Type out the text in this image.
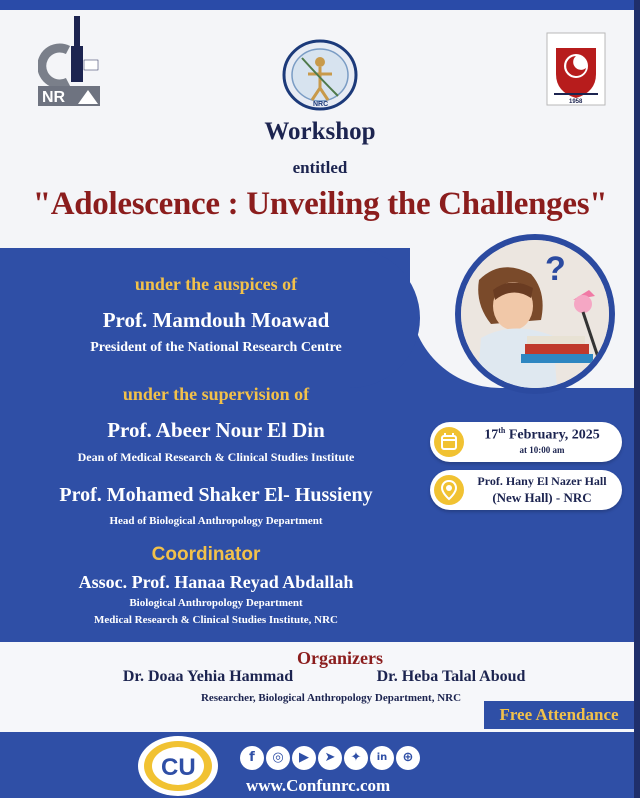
NR	NRC	1958
Workshop
entitled
"Adolescence : Unveiling the Challenges"
?
under the auspices of
Prof. Mamdouh Moawad
President of the National Research Centre
under the supervision of
Prof. Abeer Nour El Din
Dean of Medical Research & Clinical Studies Institute
Prof. Mohamed Shaker El- Hussieny
Head of Biological Anthropology Department
Coordinator
Assoc. Prof. Hanaa Reyad Abdallah
Biological Anthropology Department
Medical Research & Clinical Studies Institute, NRC
17th February, 2025
at 10:00 am
Prof. Hany El Nazer Hall
(New Hall) - NRC
Organizers
Dr. Doaa Yehia Hammad	Dr. Heba Talal Aboud
Researcher, Biological Anthropology Department, NRC
Free Attendance
CU	f	◎	▶	➤	✦	in	⊕
www.Confunrc.com
